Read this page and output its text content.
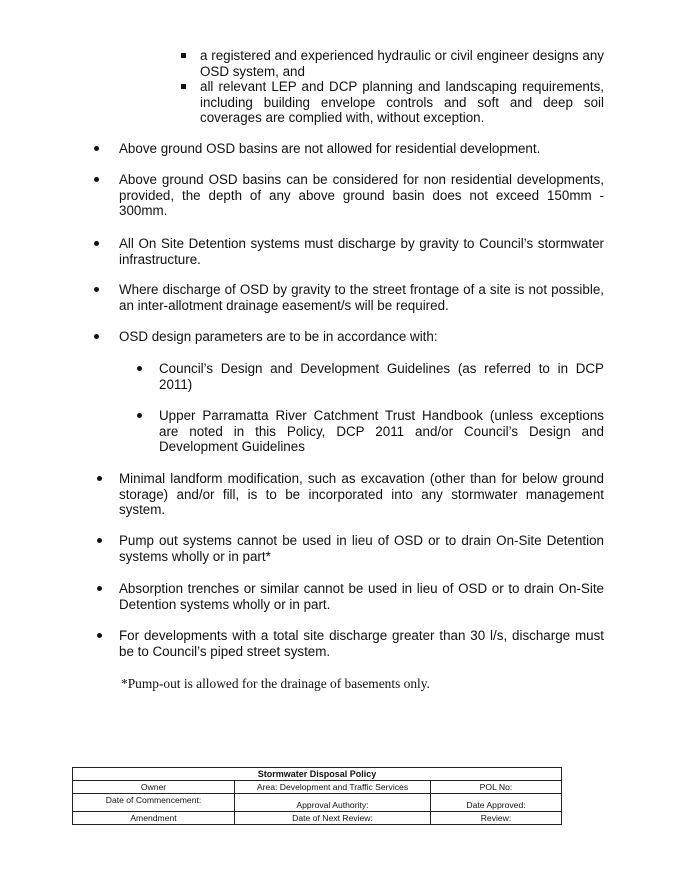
a registered and experienced hydraulic or civil engineer designs any OSD system, and
all relevant LEP and DCP planning and landscaping requirements, including building envelope controls and soft and deep soil coverages are complied with, without exception.
Above ground OSD basins are not allowed for residential development.
Above ground OSD basins can be considered for non residential developments, provided, the depth of any above ground basin does not exceed 150mm - 300mm.
All On Site Detention systems must discharge by gravity to Council’s stormwater infrastructure.
Where discharge of OSD by gravity to the street frontage of a site is not possible, an inter-allotment drainage easement/s will be required.
OSD design parameters are to be in accordance with:
Council’s Design and Development Guidelines (as referred to in DCP 2011)
Upper Parramatta River Catchment Trust Handbook (unless exceptions are noted in this Policy, DCP 2011 and/or Council’s Design and Development Guidelines
Minimal landform modification, such as excavation (other than for below ground storage) and/or fill, is to be incorporated into any stormwater management system.
Pump out systems cannot be used in lieu of OSD or to drain On-Site Detention systems wholly or in part*
Absorption trenches or similar cannot be used in lieu of OSD or to drain On-Site Detention systems wholly or in part.
For developments with a total site discharge greater than 30 l/s, discharge must be to Council’s piped street system.
*Pump-out is allowed for the drainage of basements only.
Stormwater Disposal Policy		
Owner	Area: Development and Traffic Services	POL No:
Date of Commencement:	Approval Authority:	Date Approved:
Amendment	Date of Next Review:	Review:
